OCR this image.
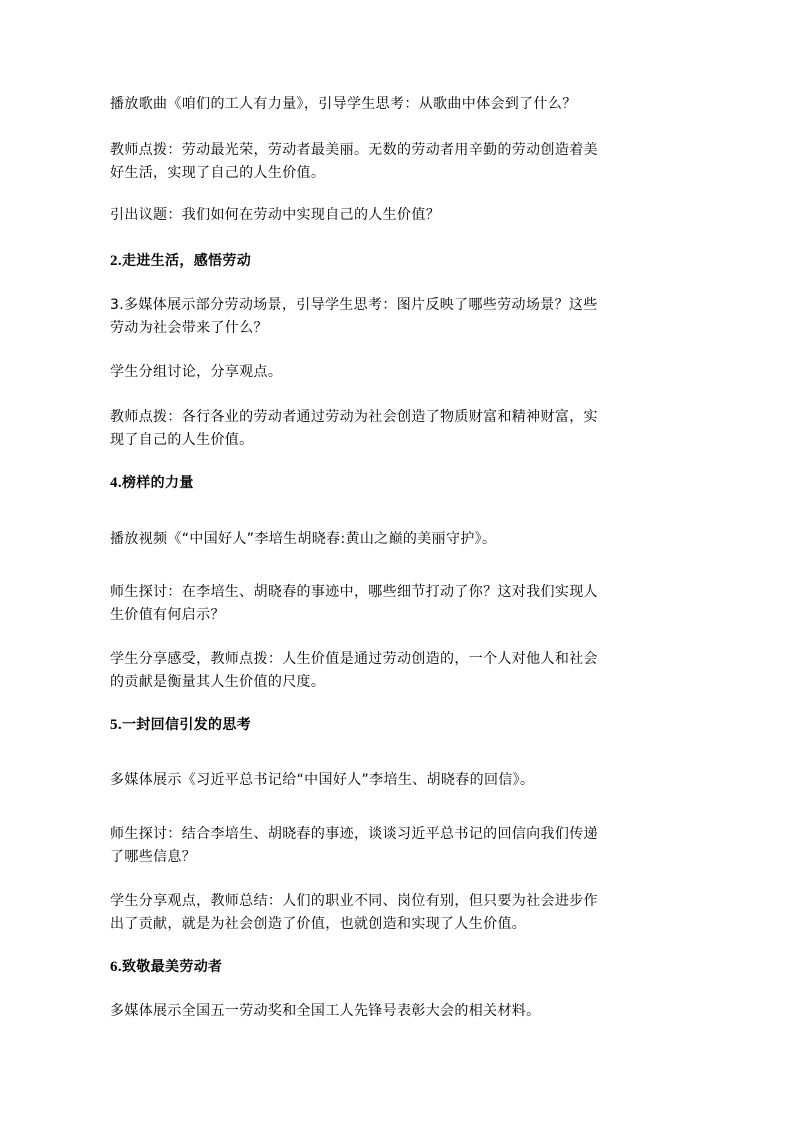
播放歌曲《咱们的工人有力量》，引导学生思考：从歌曲中体会到了什么？

教师点拨：劳动最光荣，劳动者最美丽。无数的劳动者用辛勤的劳动创造着美

好生活，实现了自己的人生价值。

引出议题：我们如何在劳动中实现自己的人生价值？

2.走进生活，感悟劳动

3.多媒体展示部分劳动场景，引导学生思考：图片反映了哪些劳动场景？这些

劳动为社会带来了什么？

学生分组讨论，分享观点。

教师点拨：各行各业的劳动者通过劳动为社会创造了物质财富和精神财富，实

现了自己的人生价值。

4.榜样的力量

播放视频《“中国好人”李培生胡晓春:黄山之巅的美丽守护》。

师生探讨：在李培生、胡晓春的事迹中，哪些细节打动了你？这对我们实现人

生价值有何启示？

学生分享感受，教师点拨：人生价值是通过劳动创造的，一个人对他人和社会

的贡献是衡量其人生价值的尺度。

5.一封回信引发的思考

多媒体展示《习近平总书记给“中国好人”李培生、胡晓春的回信》。

师生探讨：结合李培生、胡晓春的事迹，谈谈习近平总书记的回信向我们传递

了哪些信息？

学生分享观点，教师总结：人们的职业不同、岗位有别，但只要为社会进步作

出了贡献，就是为社会创造了价值，也就创造和实现了人生价值。

6.致敬最美劳动者

多媒体展示全国五一劳动奖和全国工人先锋号表彰大会的相关材料。
